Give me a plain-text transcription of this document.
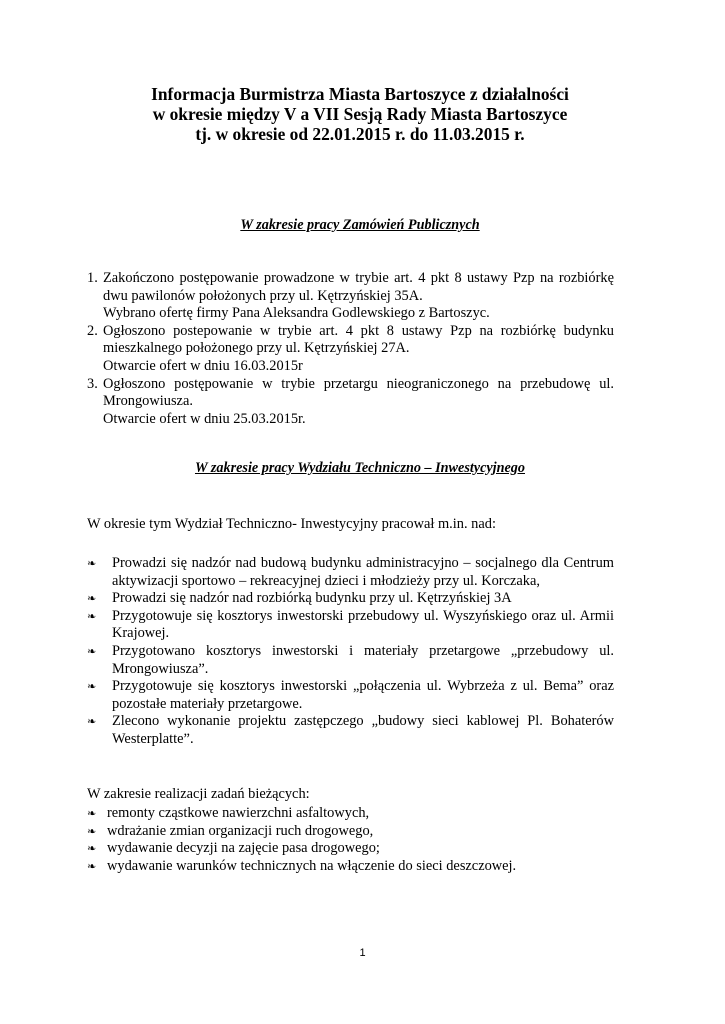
Informacja Burmistrza Miasta Bartoszyce z działalności
w okresie między V a VII Sesją Rady Miasta Bartoszyce
tj. w okresie od 22.01.2015 r. do 11.03.2015 r.
W zakresie pracy Zamówień Publicznych
1. Zakończono postępowanie prowadzone w trybie art. 4 pkt 8 ustawy Pzp na rozbiórkę dwu pawilonów położonych przy ul. Kętrzyńskiej 35A.
Wybrano ofertę firmy Pana Aleksandra Godlewskiego z Bartoszyc.
2. Ogłoszono postepowanie w trybie art. 4 pkt 8 ustawy Pzp na rozbiórkę budynku mieszkalnego położonego przy ul. Kętrzyńskiej 27A.
Otwarcie ofert w dniu 16.03.2015r
3. Ogłoszono postępowanie w trybie przetargu nieograniczonego na przebudowę ul. Mrongowiusza.
Otwarcie ofert w dniu 25.03.2015r.
W zakresie pracy Wydziału Techniczno – Inwestycyjnego
W okresie tym Wydział Techniczno- Inwestycyjny pracował m.in. nad:
❧ Prowadzi się nadzór nad budową budynku administracyjno – socjalnego dla Centrum aktywizacji sportowo – rekreacyjnej dzieci i młodzieży przy ul. Korczaka,
❧ Prowadzi się nadzór nad rozbiórką budynku przy ul. Kętrzyńskiej 3A
❧ Przygotowuje się kosztorys inwestorski przebudowy ul. Wyszyńskiego oraz ul. Armii Krajowej.
❧ Przygotowano kosztorys inwestorski i materiały przetargowe „przebudowy ul. Mrongowiusza”.
❧ Przygotowuje się kosztorys inwestorski „połączenia ul. Wybrzeża z ul. Bema” oraz pozostałe materiały przetargowe.
❧ Zlecono wykonanie projektu zastępczego „budowy sieci kablowej Pl. Bohaterów Westerplatte”.
W zakresie realizacji zadań bieżących:
❧ remonty cząstkowe nawierzchni asfaltowych,
❧ wdrażanie zmian organizacji ruch drogowego,
❧ wydawanie decyzji na zajęcie pasa drogowego;
❧ wydawanie warunków technicznych na włączenie do sieci deszczowej.
1
